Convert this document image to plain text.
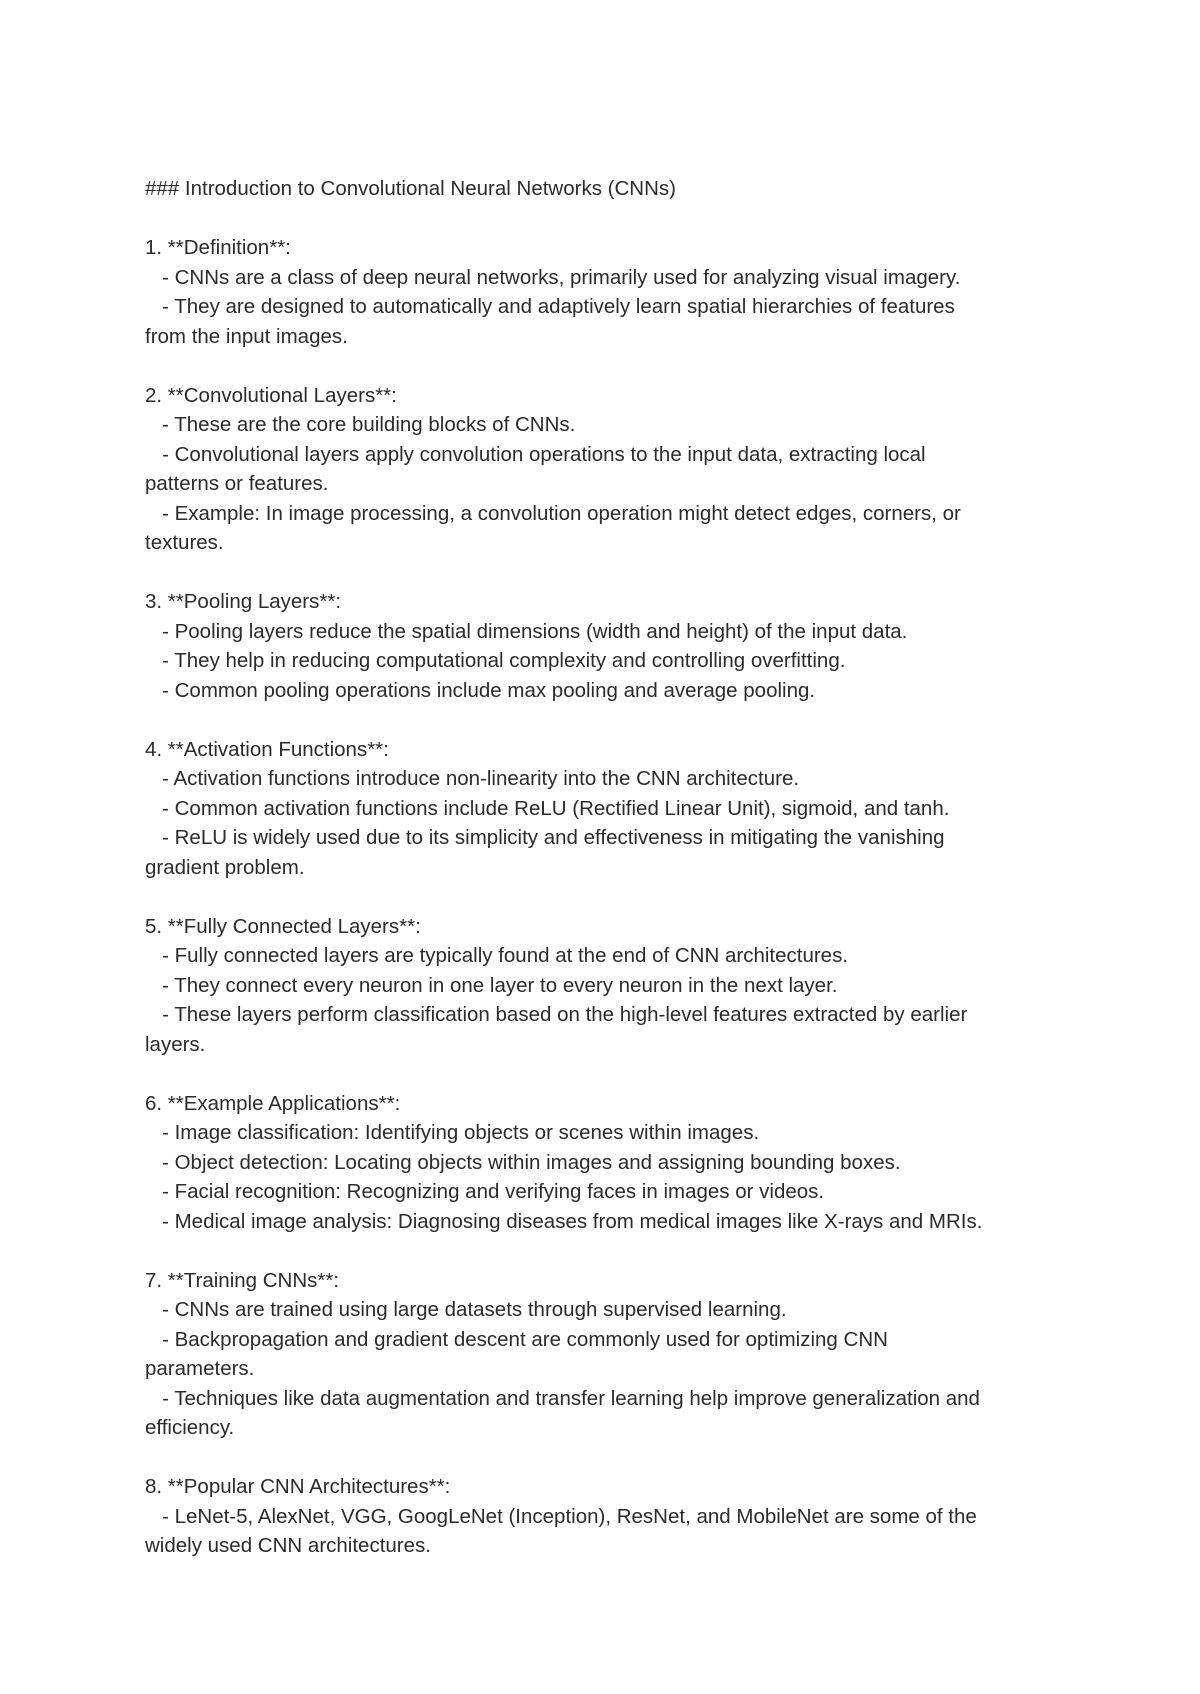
### Introduction to Convolutional Neural Networks (CNNs)
1. **Definition**:
- CNNs are a class of deep neural networks, primarily used for analyzing visual imagery.
- They are designed to automatically and adaptively learn spatial hierarchies of features
from the input images.
2. **Convolutional Layers**:
- These are the core building blocks of CNNs.
- Convolutional layers apply convolution operations to the input data, extracting local
patterns or features.
- Example: In image processing, a convolution operation might detect edges, corners, or
textures.
3. **Pooling Layers**:
- Pooling layers reduce the spatial dimensions (width and height) of the input data.
- They help in reducing computational complexity and controlling overfitting.
- Common pooling operations include max pooling and average pooling.
4. **Activation Functions**:
- Activation functions introduce non-linearity into the CNN architecture.
- Common activation functions include ReLU (Rectified Linear Unit), sigmoid, and tanh.
- ReLU is widely used due to its simplicity and effectiveness in mitigating the vanishing
gradient problem.
5. **Fully Connected Layers**:
- Fully connected layers are typically found at the end of CNN architectures.
- They connect every neuron in one layer to every neuron in the next layer.
- These layers perform classification based on the high-level features extracted by earlier
layers.
6. **Example Applications**:
- Image classification: Identifying objects or scenes within images.
- Object detection: Locating objects within images and assigning bounding boxes.
- Facial recognition: Recognizing and verifying faces in images or videos.
- Medical image analysis: Diagnosing diseases from medical images like X-rays and MRIs.
7. **Training CNNs**:
- CNNs are trained using large datasets through supervised learning.
- Backpropagation and gradient descent are commonly used for optimizing CNN
parameters.
- Techniques like data augmentation and transfer learning help improve generalization and
efficiency.
8. **Popular CNN Architectures**:
- LeNet-5, AlexNet, VGG, GoogLeNet (Inception), ResNet, and MobileNet are some of the
widely used CNN architectures.
